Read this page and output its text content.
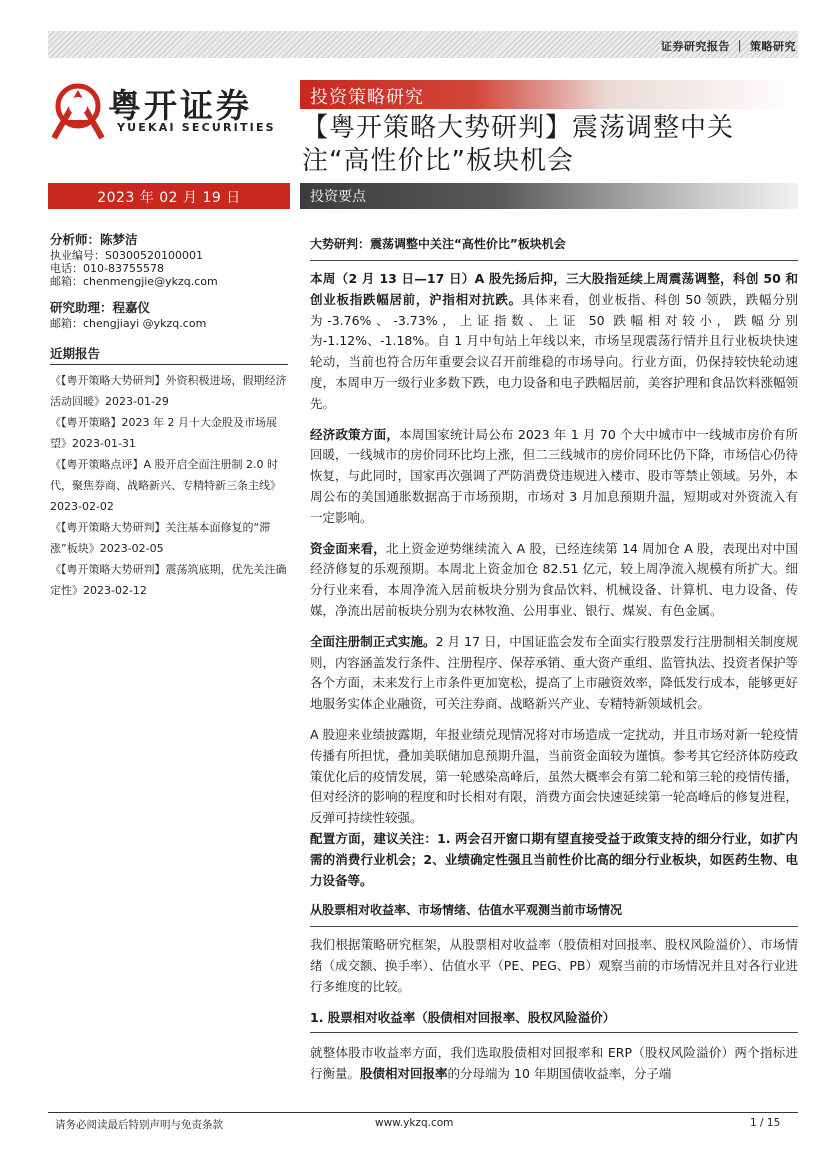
证券研究报告 ｜ 策略研究
粤开证券
YUEKAI SECURITIES
投资策略研究
【粤开策略大势研判】震荡调整中关注“高性价比”板块机会
2023 年 02 月 19 日	投资要点
分析师：陈梦洁
执业编号：S0300520100001
电话：010-83755578
邮箱：chenmengjie@ykzq.com
研究助理：程嘉仪
邮箱：chengjiayi @ykzq.com
近期报告
《【粤开策略大势研判】外资积极进场，假期经济活动回暖》2023-01-29
《【粤开策略】2023 年 2 月十大金股及市场展望》2023-01-31
《【粤开策略点评】A 股开启全面注册制 2.0 时代，聚焦券商、战略新兴、专精特新三条主线》2023-02-02
《【粤开策略大势研判】关注基本面修复的“滞涨”板块》2023-02-05
《【粤开策略大势研判】震荡筑底期，优先关注确定性》2023-02-12
大势研判：震荡调整中关注“高性价比”板块机会

本周（2 月 13 日—17 日）A 股先扬后抑，三大股指延续上周震荡调整，科创 50 和创业板指跌幅居前，沪指相对抗跌。具体来看，创业板指、科创 50 领跌，跌幅分别为-3.76%、-3.73%，上证指数、上证 50 跌幅相对较小，跌幅分别为-1.12%、-1.18%。自 1 月中旬站上年线以来，市场呈现震荡行情并且行业板块快速轮动，当前也符合历年重要会议召开前维稳的市场导向。行业方面，仍保持较快轮动速度，本周申万一级行业多数下跌，电力设备和电子跌幅居前，美容护理和食品饮料涨幅领先。

经济政策方面，本周国家统计局公布 2023 年 1 月 70 个大中城市中一线城市房价有所回暖，一线城市的房价同环比均上涨，但二三线城市的房价同环比仍下降，市场信心仍待恢复，与此同时，国家再次强调了严防消费贷违规进入楼市、股市等禁止领域。另外，本周公布的美国通胀数据高于市场预期，市场对 3 月加息预期升温，短期或对外资流入有一定影响。

资金面来看，北上资金逆势继续流入 A 股，已经连续第 14 周加仓 A 股，表现出对中国经济修复的乐观预期。本周北上资金加仓 82.51 亿元，较上周净流入规模有所扩大。细分行业来看，本周净流入居前板块分别为食品饮料、机械设备、计算机、电力设备、传媒，净流出居前板块分别为农林牧渔、公用事业、银行、煤炭、有色金属。

全面注册制正式实施。2 月 17 日，中国证监会发布全面实行股票发行注册制相关制度规则，内容涵盖发行条件、注册程序、保荐承销、重大资产重组、监管执法、投资者保护等各个方面，未来发行上市条件更加宽松，提高了上市融资效率，降低发行成本，能够更好地服务实体企业融资，可关注券商、战略新兴产业、专精特新领域机会。

A 股迎来业绩披露期，年报业绩兑现情况将对市场造成一定扰动，并且市场对新一轮疫情传播有所担忧，叠加美联储加息预期升温，当前资金面较为谨慎。参考其它经济体防疫政策优化后的疫情发展，第一轮感染高峰后，虽然大概率会有第二轮和第三轮的疫情传播，但对经济的影响的程度和时长相对有限，消费方面会快速延续第一轮高峰后的修复进程，反弹可持续性较强。

配置方面，建议关注：1. 两会召开窗口期有望直接受益于政策支持的细分行业，如扩内需的消费行业机会；2、业绩确定性强且当前性价比高的细分行业板块，如医药生物、电力设备等。

从股票相对收益率、市场情绪、估值水平观测当前市场情况

我们根据策略研究框架，从股票相对收益率（股债相对回报率、股权风险溢价）、市场情绪（成交额、换手率）、估值水平（PE、PEG、PB）观察当前的市场情况并且对各行业进行多维度的比较。

1. 股票相对收益率（股债相对回报率、股权风险溢价）

就整体股市收益率方面，我们选取股债相对回报率和 ERP（股权风险溢价）两个指标进行衡量。股债相对回报率的分母端为 10 年期国债收益率，分子端

请务必阅读最后特别声明与免责条款	www.ykzq.com	1 / 15
